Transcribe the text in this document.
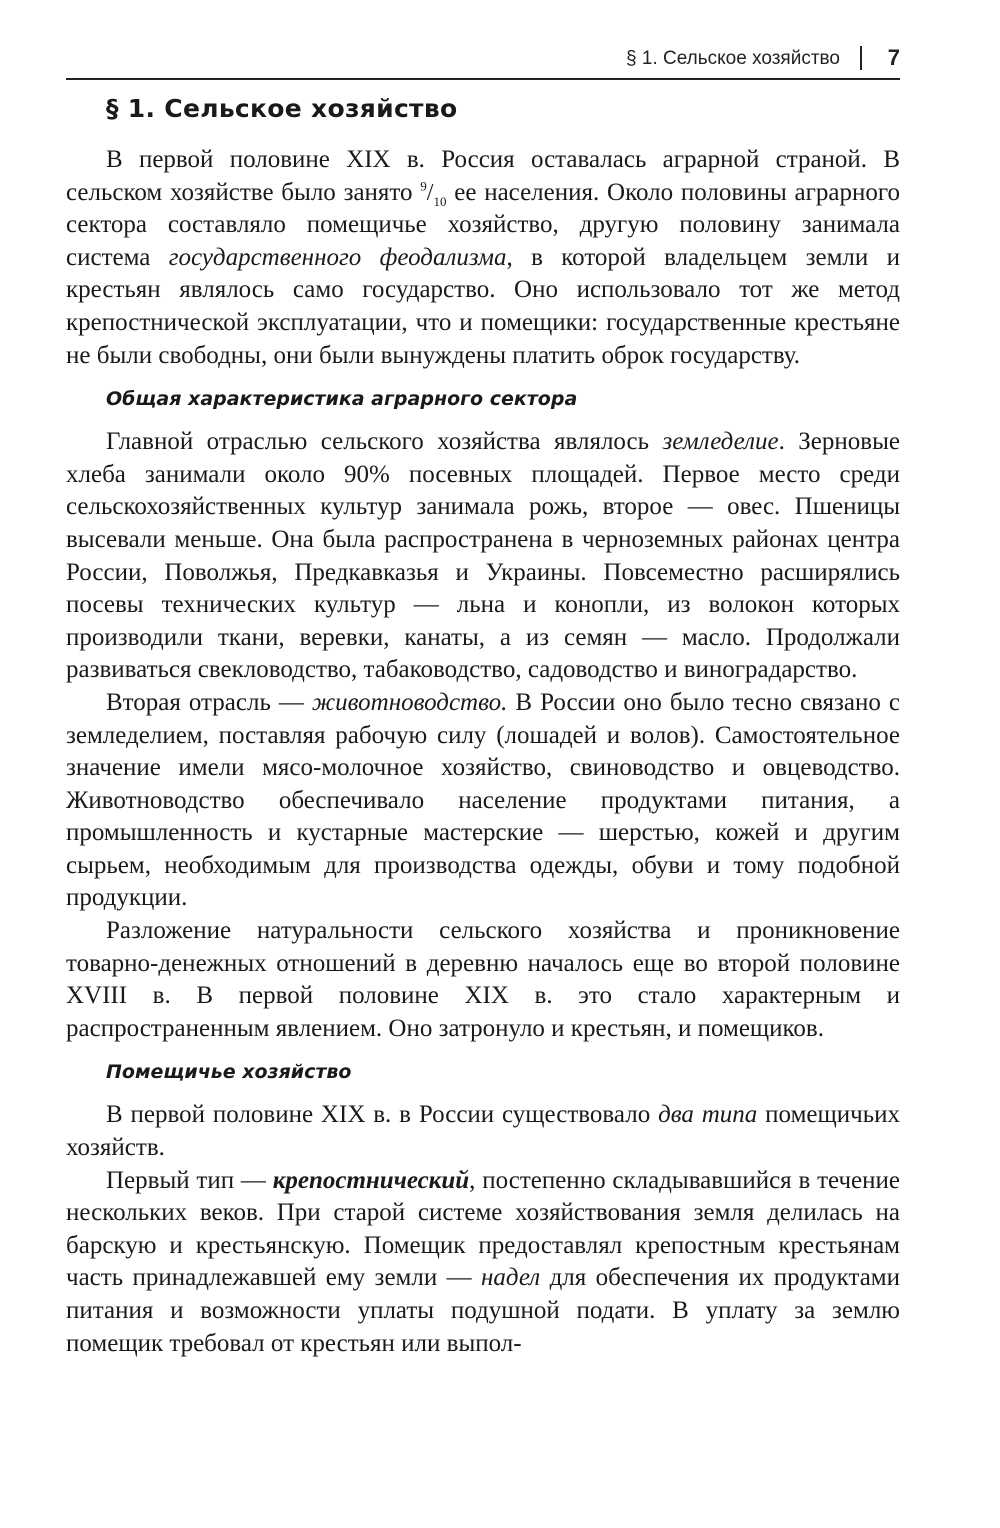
§ 1. Сельское хозяйство 7
§ 1. Сельское хозяйство

В первой половине XIX в. Россия оставалась аграрной страной. В сельском хозяйстве было занято $^9/_{10}$ ее населения. Около половины аграрного сектора составляло помещичье хозяйство, другую половину занимала система государственного феодализма, в которой владельцем земли и крестьян являлось само государство. Оно использовало тот же метод крепостнической эксплуатации, что и помещики: государственные крестьяне не были свободны, они были вынуждены платить оброк государству.

Общая характеристика аграрного сектора

Главной отраслью сельского хозяйства являлось земледелие. Зерновые хлеба занимали около 90% посевных площадей. Первое место среди сельскохозяйственных культур занимала рожь, второе — овес. Пшеницы высевали меньше. Она была распространена в черноземных районах центра России, Поволжья, Предкавказья и Украины. Повсеместно расширялись посевы технических культур — льна и конопли, из волокон которых производили ткани, веревки, канаты, а из семян — масло. Продолжали развиваться свекловодство, табаководство, садоводство и виноградарство.

Вторая отрасль — животноводство. В России оно было тесно связано с земледелием, поставляя рабочую силу (лошадей и волов). Самостоятельное значение имели мясо-молочное хозяйство, свиноводство и овцеводство. Животноводство обеспечивало население продуктами питания, а промышленность и кустарные мастерские — шерстью, кожей и другим сырьем, необходимым для производства одежды, обуви и тому подобной продукции.

Разложение натуральности сельского хозяйства и проникновение товарно-денежных отношений в деревню началось еще во второй половине XVIII в. В первой половине XIX в. это стало характерным и распространенным явлением. Оно затронуло и крестьян, и помещиков.

Помещичье хозяйство

В первой половине XIX в. в России существовало два типа помещичьих хозяйств.

Первый тип — крепостнический, постепенно складывавшийся в течение нескольких веков. При старой системе хозяйствования земля делилась на барскую и крестьянскую. Помещик предоставлял крепостным крестьянам часть принадлежавшей ему земли — надел для обеспечения их продуктами питания и возможности уплаты подушной подати. В уплату за землю помещик требовал от крестьян или выпол-
